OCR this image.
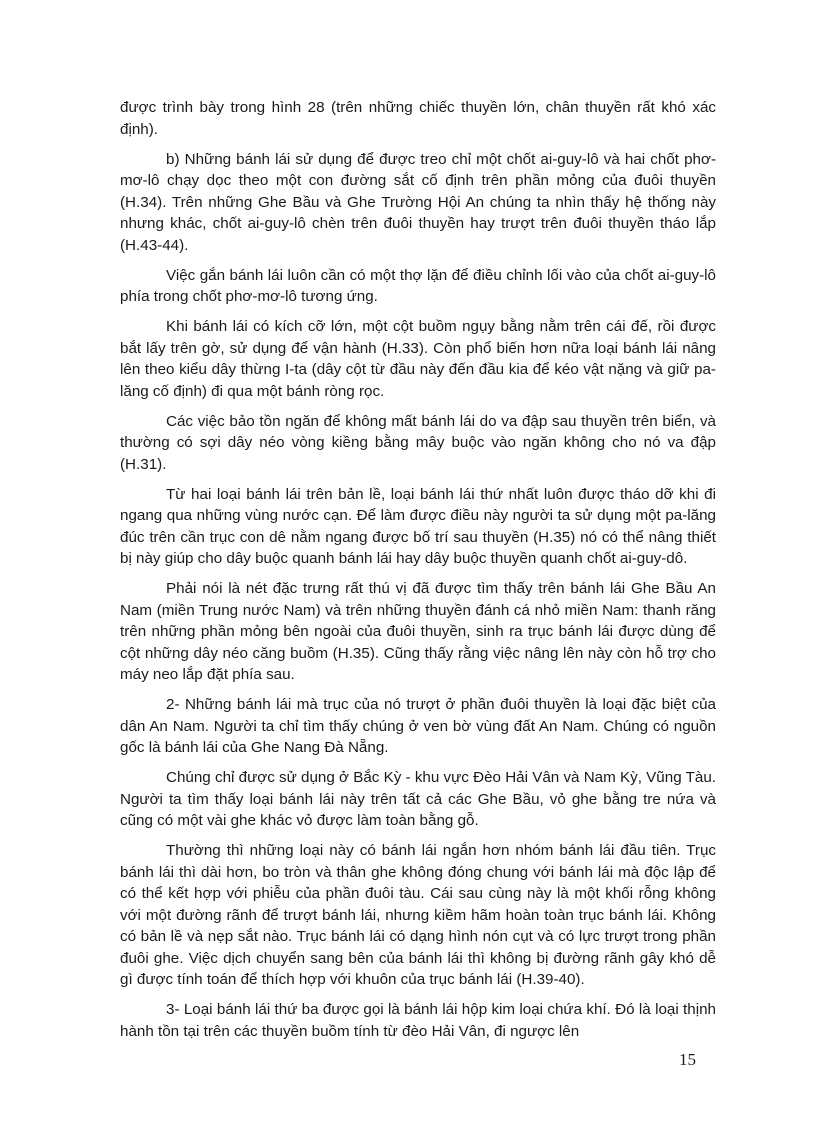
được trình bày trong hình 28 (trên những chiếc thuyền lớn, chân thuyền rất khó xác định).

b) Những bánh lái sử dụng để được treo chỉ một chốt ai-guy-lô và hai chốt phơ-mơ-lô chạy dọc theo một con đường sắt cố định trên phần mỏng của đuôi thuyền (H.34). Trên những Ghe Bầu và Ghe Trường Hội An chúng ta nhìn thấy hệ thống này nhưng khác, chốt ai-guy-lô chèn trên đuôi thuyền hay trượt trên đuôi thuyền tháo lắp (H.43-44).

Việc gắn bánh lái luôn cần có một thợ lặn để điều chỉnh lối vào của chốt ai-guy-lô phía trong chốt phơ-mơ-lô tương ứng.

Khi bánh lái có kích cỡ lớn, một cột buồm ngụy bằng nằm trên cái đế, rồi được bắt lấy trên gờ, sử dụng để vận hành (H.33). Còn phổ biến hơn nữa loại bánh lái nâng lên theo kiểu dây thừng I-ta (dây cột từ đầu này đến đầu kia để kéo vật nặng và giữ pa-lăng cố định) đi qua một bánh ròng rọc.

Các việc bảo tồn ngăn để không mất bánh lái do va đập sau thuyền trên biển, và thường có sợi dây néo vòng kiềng bằng mây buộc vào ngăn không cho nó va đập (H.31).

Từ hai loại bánh lái trên bản lề, loại bánh lái thứ nhất luôn được tháo dỡ khi đi ngang qua những vùng nước cạn. Để làm được điều này người ta sử dụng một pa-lăng đúc trên cần trục con dê nằm ngang được bố trí sau thuyền (H.35) nó có thể nâng thiết bị này giúp cho dây buộc quanh bánh lái hay dây buộc thuyền quanh chốt ai-guy-dô.

Phải nói là nét đặc trưng rất thú vị đã được tìm thấy trên bánh lái Ghe Bầu An Nam (miền Trung nước Nam) và trên những thuyền đánh cá nhỏ miền Nam: thanh răng trên những phần mỏng bên ngoài của đuôi thuyền, sinh ra trục bánh lái được dùng để cột những dây néo căng buồm (H.35). Cũng thấy rằng việc nâng lên này còn hỗ trợ cho máy neo lắp đặt phía sau.

2- Những bánh lái mà trục của nó trượt ở phần đuôi thuyền là loại đặc biệt của dân An Nam. Người ta chỉ tìm thấy chúng ở ven bờ vùng đất An Nam. Chúng có nguồn gốc là bánh lái của Ghe Nang Đà Nẵng.

Chúng chỉ được sử dụng ở Bắc Kỳ - khu vực Đèo Hải Vân và Nam Kỳ, Vũng Tàu. Người ta tìm thấy loại bánh lái này trên tất cả các Ghe Bầu, vỏ ghe bằng tre nứa và cũng có một vài ghe khác vỏ được làm toàn bằng gỗ.

Thường thì những loại này có bánh lái ngắn hơn nhóm bánh lái đầu tiên. Trục bánh lái thì dài hơn, bo tròn và thân ghe không đóng chung với bánh lái mà độc lập để có thể kết hợp với phiễu của phần đuôi tàu. Cái sau cùng này là một khối rỗng không với một đường rãnh để trượt bánh lái, nhưng kiềm hãm hoàn toàn trục bánh lái. Không có bản lề và nẹp sắt nào. Trục bánh lái có dạng hình nón cụt và có lực trượt trong phần đuôi ghe. Việc dịch chuyển sang bên của bánh lái thì không bị đường rãnh gây khó dễ gì được tính toán để thích hợp với khuôn của trục bánh lái (H.39-40).

3- Loại bánh lái thứ ba được gọi là bánh lái hộp kim loại chứa khí. Đó là loại thịnh hành tồn tại trên các thuyền buồm tính từ đèo Hải Vân, đi ngược lên

15
